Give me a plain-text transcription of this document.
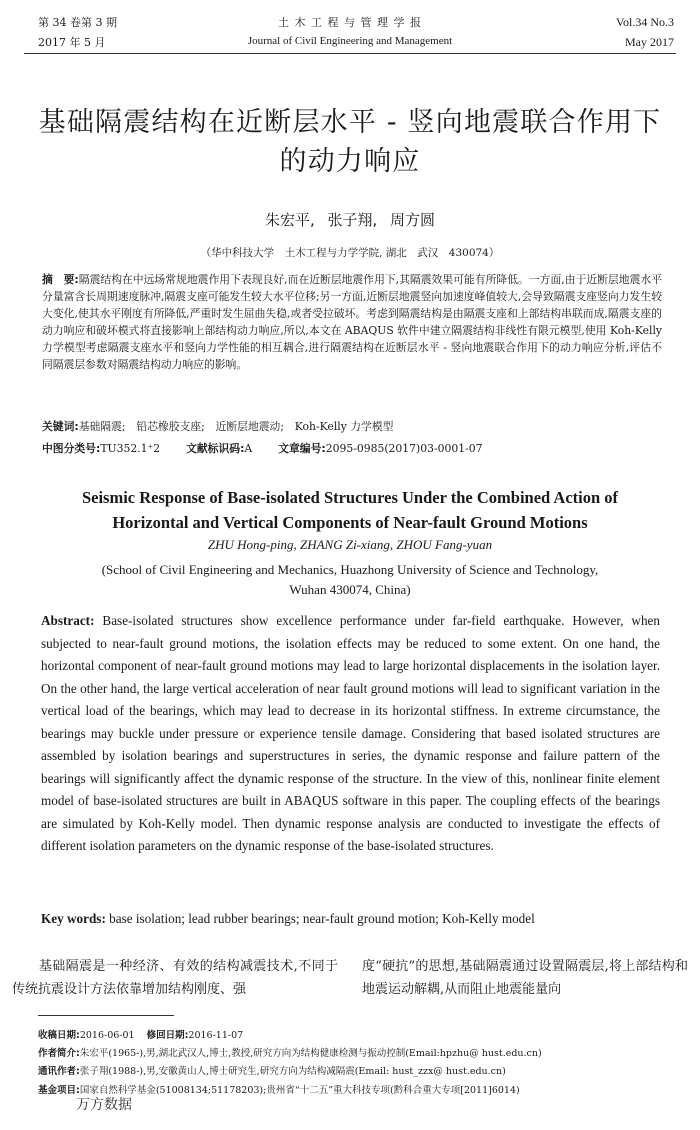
第 34 卷第 3 期
2017 年 5 月
土 木 工 程 与 管 理 学 报
Journal of Civil Engineering and Management
Vol.34 No.3
May 2017
基础隔震结构在近断层水平 - 竖向地震联合作用下
的动力响应
朱宏平, 张子翔, 周方圆
（华中科技大学　土木工程与力学学院, 湖北　武汉　430074）
摘　要:隔震结构在中远场常规地震作用下表现良好,而在近断层地震作用下,其隔震效果可能有所降低。一方面,由于近断层地震水平分量富含长周期速度脉冲,隔震支座可能发生较大水平位移;另一方面,近断层地震竖向加速度峰值较大,会导致隔震支座竖向力发生较大变化,使其水平刚度有所降低,严重时发生屈曲失稳,或者受拉破坏。考虑到隔震结构是由隔震支座和上部结构串联而成,隔震支座的动力响应和破坏模式将直接影响上部结构动力响应,所以,本文在 ABAQUS 软件中建立隔震结构非线性有限元模型,使用 Koh-Kelly 力学模型考虑隔震支座水平和竖向力学性能的相互耦合,进行隔震结构在近断层水平 - 竖向地震联合作用下的动力响应分析,评估不同隔震层参数对隔震结构动力响应的影响。
关键词:基础隔震;　铅芯橡胶支座;　近断层地震动;　Koh-Kelly 力学模型
中图分类号:TU352.1⁺2 文献标识码:A 文章编号:2095-0985(2017)03-0001-07
Seismic Response of Base-isolated Structures Under the Combined Action of
Horizontal and Vertical Components of Near-fault Ground Motions
ZHU Hong-ping, ZHANG Zi-xiang, ZHOU Fang-yuan
(School of Civil Engineering and Mechanics, Huazhong University of Science and Technology,
Wuhan 430074, China)
Abstract: Base-isolated structures show excellence performance under far-field earthquake. However, when subjected to near-fault ground motions, the isolation effects may be reduced to some extent. On one hand, the horizontal component of near-fault ground motions may lead to large horizontal displacements in the isolation layer. On the other hand, the large vertical acceleration of near fault ground motions will lead to significant variation in the vertical load of the bearings, which may lead to decrease in its horizontal stiffness. In extreme circumstance, the bearings may buckle under pressure or experience tensile damage. Considering that based isolated structures are assembled by isolation bearings and superstructures in series, the dynamic response and failure pattern of the bearings will significantly affect the dynamic response of the structure. In the view of this, nonlinear finite element model of base-isolated structures are built in ABAQUS software in this paper. The coupling effects of the bearings are simulated by Koh-Kelly model. Then dynamic response analysis are conducted to investigate the effects of different isolation parameters on the dynamic response of the base-isolated structures.
Key words: base isolation; lead rubber bearings; near-fault ground motion; Koh-Kelly model
　　基础隔震是一种经济、有效的结构减震技术,不同于传统抗震设计方法依靠增加结构刚度、强
度“硬抗”的思想,基础隔震通过设置隔震层,将上部结构和地震运动解耦,从而阻止地震能量向
收稿日期:2016-06-01 修回日期:2016-11-07
作者简介:朱宏平(1965-),男,湖北武汉人,博士,教授,研究方向为结构健康检测与振动控制(Email:hpzhu@ hust.edu.cn)
通讯作者:张子翔(1988-),男,安徽黄山人,博士研究生,研究方向为结构减隔震(Email: hust_zzx@ hust.edu.cn)
基金项目:国家自然科学基金(51008134;51178203);贵州省“十二五”重大科技专项(黔科合重大专项[2011]6014)
万方数据
